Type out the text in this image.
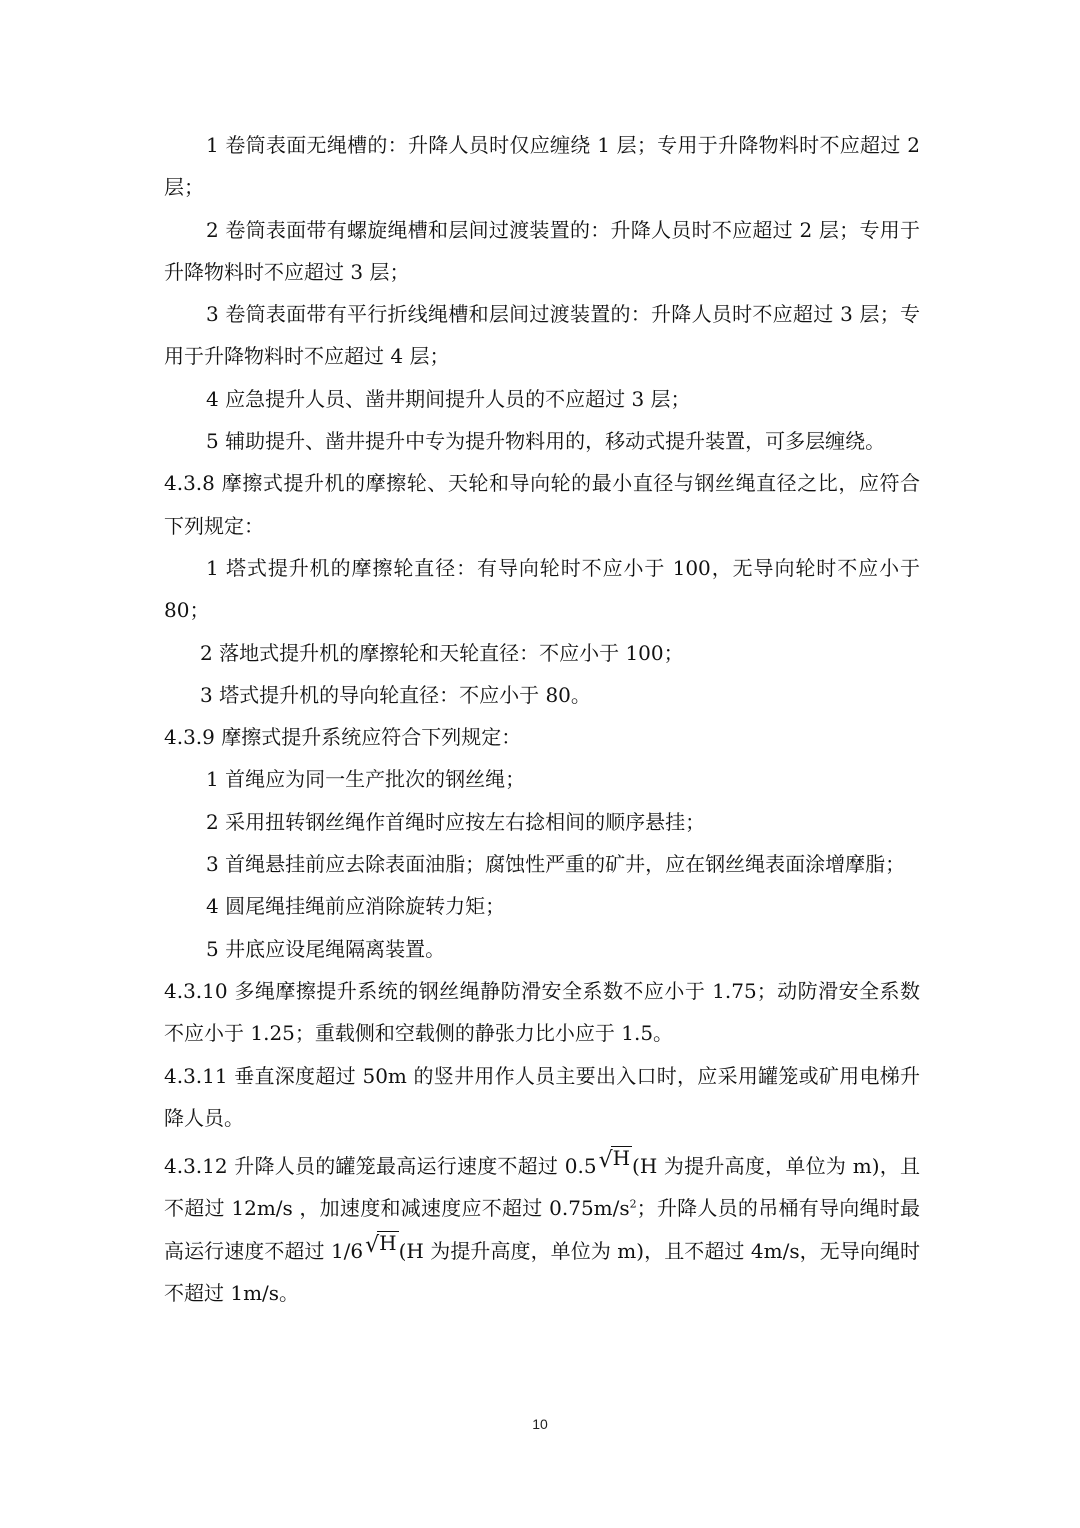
1 卷筒表面无绳槽的：升降人员时仅应缠绕 1 层；专用于升降物料时不应超过 2 层；

2 卷筒表面带有螺旋绳槽和层间过渡装置的：升降人员时不应超过 2 层；专用于升降物料时不应超过 3 层；

3 卷筒表面带有平行折线绳槽和层间过渡装置的：升降人员时不应超过 3 层；专用于升降物料时不应超过 4 层；

4 应急提升人员、凿井期间提升人员的不应超过 3 层；

5 辅助提升、凿井提升中专为提升物料用的，移动式提升装置，可多层缠绕。

4.3.8 摩擦式提升机的摩擦轮、天轮和导向轮的最小直径与钢丝绳直径之比，应符合下列规定：

1 塔式提升机的摩擦轮直径：有导向轮时不应小于 100，无导向轮时不应小于 80；

2 落地式提升机的摩擦轮和天轮直径：不应小于 100；

3 塔式提升机的导向轮直径：不应小于 80。

4.3.9 摩擦式提升系统应符合下列规定：

1 首绳应为同一生产批次的钢丝绳；

2 采用扭转钢丝绳作首绳时应按左右捻相间的顺序悬挂；

3 首绳悬挂前应去除表面油脂；腐蚀性严重的矿井，应在钢丝绳表面涂增摩脂；

4 圆尾绳挂绳前应消除旋转力矩；

5 井底应设尾绳隔离装置。

4.3.10 多绳摩擦提升系统的钢丝绳静防滑安全系数不应小于 1.75；动防滑安全系数不应小于 1.25；重载侧和空载侧的静张力比小应于 1.5。

4.3.11 垂直深度超过 50m 的竖井用作人员主要出入口时，应采用罐笼或矿用电梯升降人员。

4.3.12 升降人员的罐笼最高运行速度不超过 0.5 √ H (H 为提升高度，单位为 m)，且不超过 12m/s ，加速度和减速度应不超过 $0.75m/s^2$；升降人员的吊桶有导向绳时最高运行速度不超过 1/6 √ H (H 为提升高度，单位为 m)，且不超过 4m/s，无导向绳时不超过 1m/s。

10
